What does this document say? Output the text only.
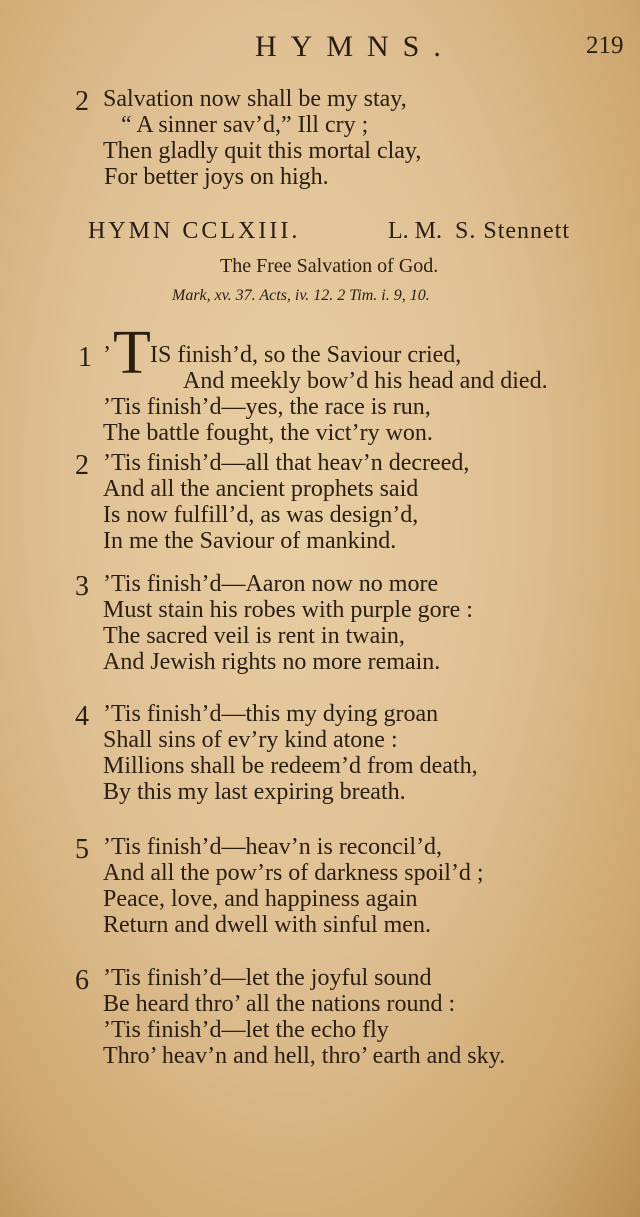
HYMNS.	219
2 Salvation now shall be my stay,
“ A sinner sav’d,” Ill cry ;
Then gladly quit this mortal clay,
For better joys on high.
HYMN CCLXIII.	L. M. S. Stennett
The Free Salvation of God.
Mark, xv. 37. Acts, iv. 12. 2 Tim. i. 9, 10.
1 ’ IS finish’d, so the Saviour cried,
And meekly bow’d his head and died.
’Tis finish’d—yes, the race is run,
The battle fought, the vict’ry won.
T
2 ’Tis finish’d—all that heav’n decreed,
And all the ancient prophets said
Is now fulfill’d, as was design’d,
In me the Saviour of mankind.
3 ’Tis finish’d—Aaron now no more
Must stain his robes with purple gore :
The sacred veil is rent in twain,
And Jewish rights no more remain.
4 ’Tis finish’d—this my dying groan
Shall sins of ev’ry kind atone :
Millions shall be redeem’d from death,
By this my last expiring breath.
5 ’Tis finish’d—heav’n is reconcil’d,
And all the pow’rs of darkness spoil’d ;
Peace, love, and happiness again
Return and dwell with sinful men.
6 ’Tis finish’d—let the joyful sound
Be heard thro’ all the nations round :
’Tis finish’d—let the echo fly
Thro’ heav’n and hell, thro’ earth and sky.
